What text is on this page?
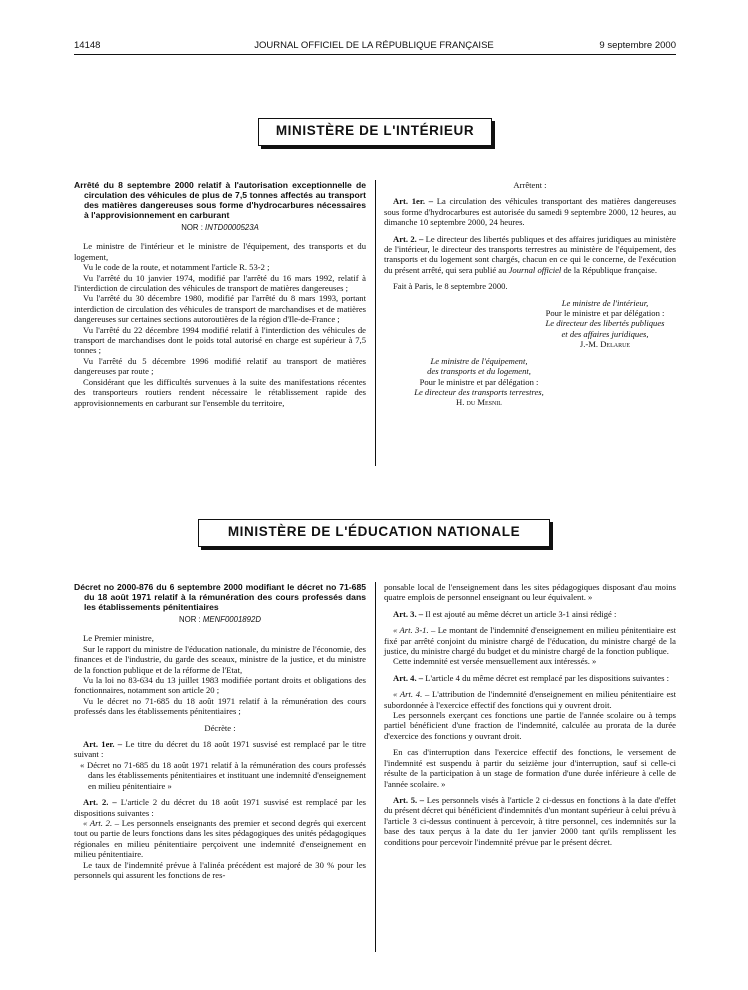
14148	JOURNAL OFFICIEL DE LA RÉPUBLIQUE FRANÇAISE	9 septembre 2000
MINISTÈRE DE L'INTÉRIEUR
Arrêté du 8 septembre 2000 relatif à l'autorisation exceptionnelle de circulation des véhicules de plus de 7,5 tonnes affectés au transport des matières dangereuses sous forme d'hydrocarbures nécessaires à l'approvisionnement en carburant
NOR : INTD0000523A

Le ministre de l'intérieur et le ministre de l'équipement, des transports et du logement,

Vu le code de la route, et notamment l'article R. 53-2 ;

Vu l'arrêté du 10 janvier 1974, modifié par l'arrêté du 16 mars 1992, relatif à l'interdiction de circulation des véhicules de transport de matières dangereuses ;

Vu l'arrêté du 30 décembre 1980, modifié par l'arrêté du 8 mars 1993, portant interdiction de circulation des véhicules de transport de marchandises et de matières dangereuses sur certaines sections autoroutières de la région d'Ile-de-France ;

Vu l'arrêté du 22 décembre 1994 modifié relatif à l'interdiction des véhicules de transport de marchandises dont le poids total autorisé en charge est supérieur à 7,5 tonnes ;

Vu l'arrêté du 5 décembre 1996 modifié relatif au transport de matières dangereuses par route ;

Considérant que les difficultés survenues à la suite des manifestations récentes des transporteurs routiers rendent nécessaire le rétablissement rapide des approvisionnements en carburant sur l'ensemble du territoire,

Arrêtent :

Art. 1er. – La circulation des véhicules transportant des matières dangereuses sous forme d'hydrocarbures est autorisée du samedi 9 septembre 2000, 12 heures, au dimanche 10 septembre 2000, 24 heures.

Art. 2. – Le directeur des libertés publiques et des affaires juridiques au ministère de l'intérieur, le directeur des transports terrestres au ministère de l'équipement, des transports et du logement sont chargés, chacun en ce qui le concerne, de l'exécution du présent arrêté, qui sera publié au Journal officiel de la République française.

Fait à Paris, le 8 septembre 2000.

Le ministre de l'intérieur,
Pour le ministre et par délégation :
Le directeur des libertés publiques
et des affaires juridiques,
J.-M. Delarue
Le ministre de l'équipement,
des transports et du logement,
Pour le ministre et par délégation :
Le directeur des transports terrestres,
H. du Mesnil
MINISTÈRE DE L'ÉDUCATION NATIONALE
Décret no 2000-876 du 6 septembre 2000 modifiant le décret no 71-685 du 18 août 1971 relatif à la rémunération des cours professés dans les établissements pénitentiaires
NOR : MENF0001892D

Le Premier ministre,

Sur le rapport du ministre de l'éducation nationale, du ministre de l'économie, des finances et de l'industrie, du garde des sceaux, ministre de la justice, et du ministre de la fonction publique et de la réforme de l'Etat,

Vu la loi no 83-634 du 13 juillet 1983 modifiée portant droits et obligations des fonctionnaires, notamment son article 20 ;

Vu le décret no 71-685 du 18 août 1971 relatif à la rémunération des cours professés dans les établissements pénitentiaires ;

Décrète :

Art. 1er. – Le titre du décret du 18 août 1971 susvisé est remplacé par le titre suivant :

« Décret no 71-685 du 18 août 1971 relatif à la rémunération des cours professés dans les établissements pénitentiaires et instituant une indemnité d'enseignement en milieu pénitentiaire »

Art. 2. – L'article 2 du décret du 18 août 1971 susvisé est remplacé par les dispositions suivantes :

« Art. 2. – Les personnels enseignants des premier et second degrés qui exercent tout ou partie de leurs fonctions dans les sites pédagogiques des unités pédagogiques régionales en milieu pénitentiaire perçoivent une indemnité d'enseignement en milieu pénitentiaire.

Le taux de l'indemnité prévue à l'alinéa précédent est majoré de 30 % pour les personnels qui assurent les fonctions de res-

ponsable local de l'enseignement dans les sites pédagogiques disposant d'au moins quatre emplois de personnel enseignant ou leur équivalent. »

Art. 3. – Il est ajouté au même décret un article 3-1 ainsi rédigé :

« Art. 3-1. – Le montant de l'indemnité d'enseignement en milieu pénitentiaire est fixé par arrêté conjoint du ministre chargé de l'éducation, du ministre chargé de la justice, du ministre chargé du budget et du ministre chargé de la fonction publique.

Cette indemnité est versée mensuellement aux intéressés. »

Art. 4. – L'article 4 du même décret est remplacé par les dispositions suivantes :

« Art. 4. – L'attribution de l'indemnité d'enseignement en milieu pénitentiaire est subordonnée à l'exercice effectif des fonctions qui y ouvrent droit.

Les personnels exerçant ces fonctions une partie de l'année scolaire ou à temps partiel bénéficient d'une fraction de l'indemnité, calculée au prorata de la durée d'exercice des fonctions y ouvrant droit.

En cas d'interruption dans l'exercice effectif des fonctions, le versement de l'indemnité est suspendu à partir du seizième jour d'interruption, sauf si celle-ci résulte de la participation à un stage de formation d'une durée inférieure à celle de l'année scolaire. »

Art. 5. – Les personnels visés à l'article 2 ci-dessus en fonctions à la date d'effet du présent décret qui bénéficient d'indemnités d'un montant supérieur à celui prévu à l'article 3 ci-dessus continuent à percevoir, à titre personnel, ces indemnités sur la base des taux perçus à la date du 1er janvier 2000 tant qu'ils remplissent les conditions pour percevoir l'indemnité prévue par le présent décret.
